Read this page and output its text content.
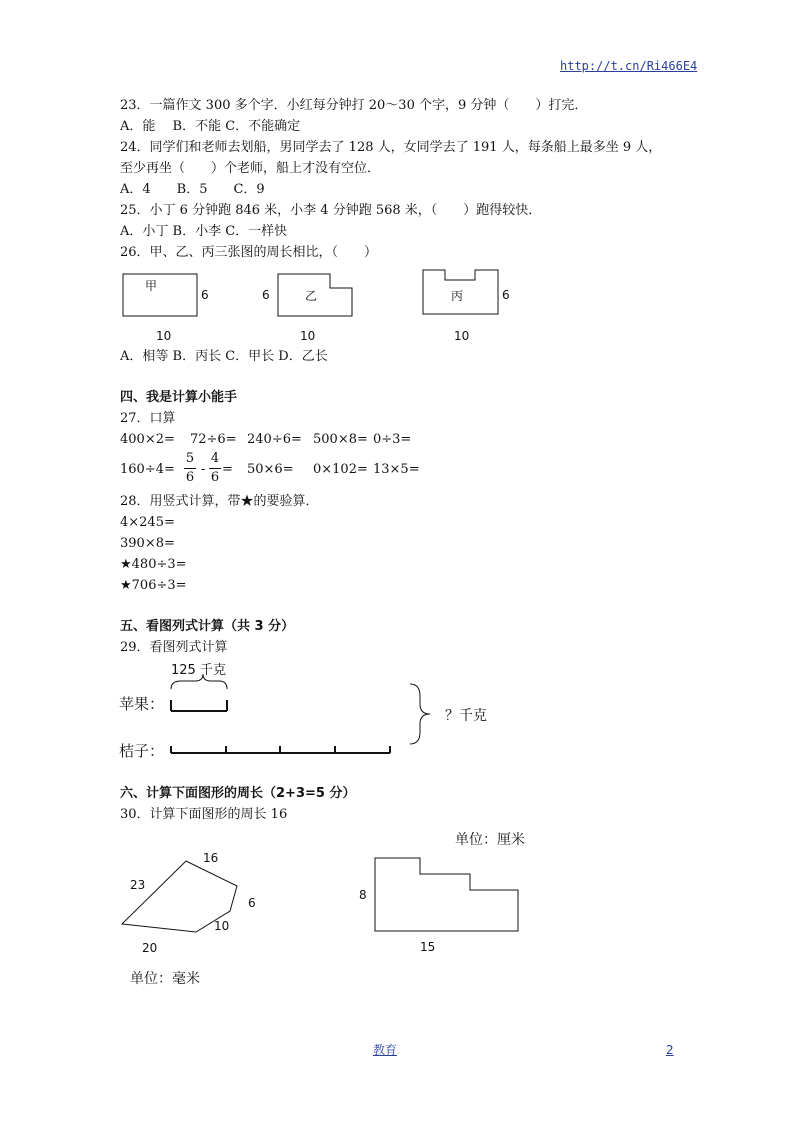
http://t.cn/Ri466E4
23．一篇作文 300 多个字．小红每分钟打 20～30 个字，9 分钟（　　）打完．
A．能　 B．不能 C．不能确定
24．同学们和老师去划船，男同学去了 128 人，女同学去了 191 人，每条船上最多坐 9 人，
至少再坐（　　）个老师，船上才没有空位．
A．4　　B．5　　C．9
25．小丁 6 分钟跑 846 米，小李 4 分钟跑 568 米，（　　）跑得较快．
A．小丁 B．小李 C．一样快
26．甲、乙、丙三张图的周长相比，（　　）
甲
6
10
乙
6
10
丙	6
10
A．相等 B．丙长 C．甲长 D．乙长
四、我是计算小能手
27．口算
400×2= 72÷6= 240÷6= 500×8= 0÷3=
160÷4=
5
6
-
4
6
= 50×6= 0×102= 13×5=
28．用竖式计算，带★的要验算．
4×245=
390×8=
★480÷3=
★706÷3=
五、看图列式计算（共 3 分）
29．看图列式计算
125 千克
苹果：
桔子：
？千克
六、计算下面图形的周长（2+3=5 分）
30．计算下面图形的周长 16
16
23
6
10
20
单位：毫米
8
15
单位：厘米
教育	2
